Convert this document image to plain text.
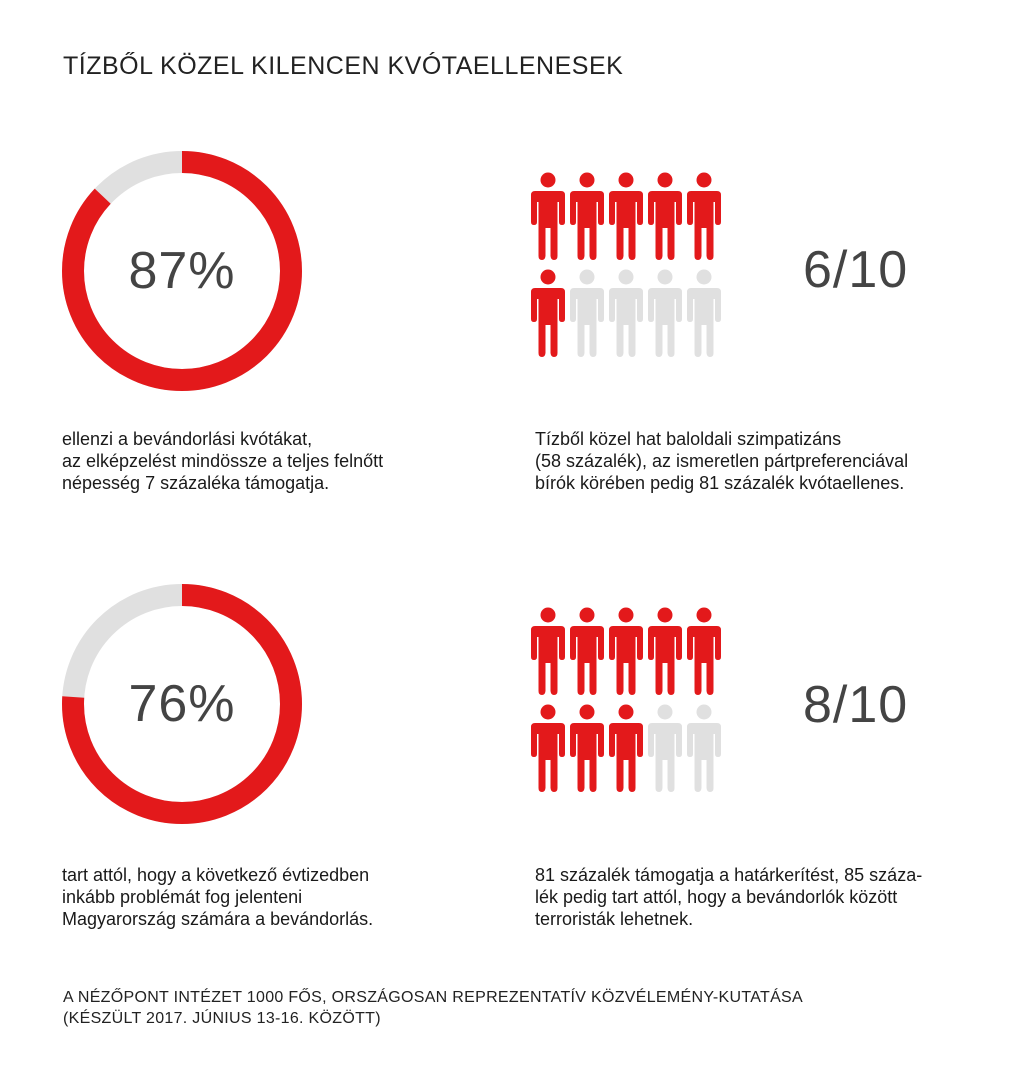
TÍZBŐL KÖZEL KILENCEN KVÓTAELLENESEK
87%	6/10
76%	8/10
ellenzi a bevándorlási kvótákat,
az elképzelést mindössze a teljes felnőtt
népesség 7 százaléka támogatja.
Tízből közel hat baloldali szimpatizáns
(58 százalék), az ismeretlen pártpreferenciával
bírók körében pedig 81 százalék kvótaellenes.
tart attól, hogy a következő évtizedben
inkább problémát fog jelenteni
Magyarország számára a bevándorlás.
81 százalék támogatja a határkerítést, 85 száza-
lék pedig tart attól, hogy a bevándorlók között
terroristák lehetnek.
A NÉZŐPONT INTÉZET 1000 FŐS, ORSZÁGOSAN REPREZENTATÍV KÖZVÉLEMÉNY-KUTATÁSA
(KÉSZÜLT 2017. JÚNIUS 13-16. KÖZÖTT)
